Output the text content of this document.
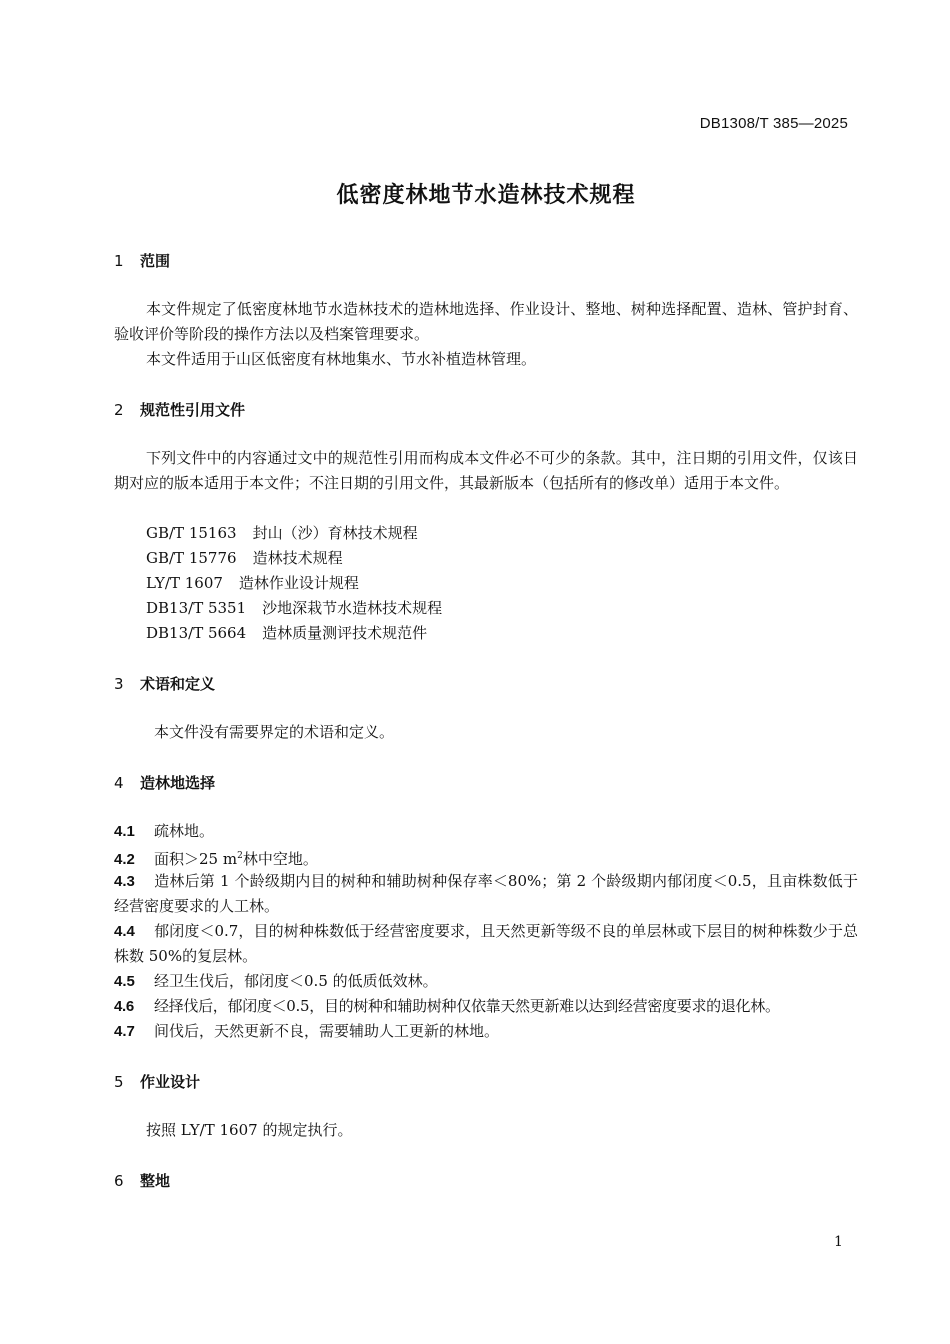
DB1308/T 385—2025
低密度林地节水造林技术规程
1 范围
本文件规定了低密度林地节水造林技术的造林地选择、作业设计、整地、树种选择配置、造林、管护封育、验收评价等阶段的操作方法以及档案管理要求。
本文件适用于山区低密度有林地集水、节水补植造林管理。
2 规范性引用文件
下列文件中的内容通过文中的规范性引用而构成本文件必不可少的条款。其中，注日期的引用文件，仅该日期对应的版本适用于本文件；不注日期的引用文件，其最新版本（包括所有的修改单）适用于本文件。
GB/T 15163 封山（沙）育林技术规程
GB/T 15776 造林技术规程
LY/T 1607 造林作业设计规程
DB13/T 5351 沙地深栽节水造林技术规程
DB13/T 5664 造林质量测评技术规范件
3 术语和定义
本文件没有需要界定的术语和定义。
4 造林地选择
4.1 疏林地。
4.2 面积＞25 $m^2$林中空地。
4.3 造林后第 1 个龄级期内目的树种和辅助树种保存率＜80%；第 2 个龄级期内郁闭度＜0.5，且亩株数低于经营密度要求的人工林。
4.4 郁闭度＜0.7，目的树种株数低于经营密度要求，且天然更新等级不良的单层林或下层目的树种株数少于总株数 50%的复层林。
4.5 经卫生伐后，郁闭度＜0.5 的低质低效林。
4.6 经择伐后，郁闭度＜0.5，目的树种和辅助树种仅依靠天然更新难以达到经营密度要求的退化林。
4.7 间伐后，天然更新不良，需要辅助人工更新的林地。
5 作业设计
按照 LY/T 1607 的规定执行。
6 整地
1
